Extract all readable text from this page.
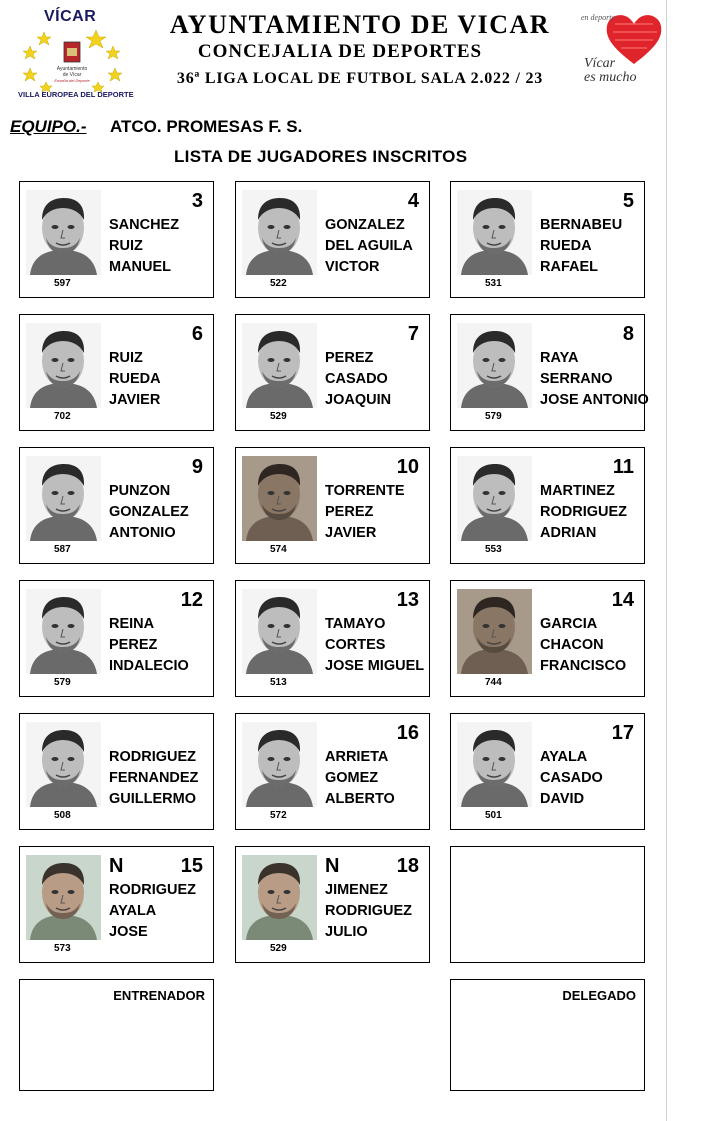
VÍCAR
Ayuntamiento
de Vícar
Enseña del Deporte
VILLA EUROPEA DEL DEPORTE
AYUNTAMIENTO DE VICAR
CONCEJALIA DE DEPORTES
36ª LIGA LOCAL DE FUTBOL SALA 2.022 / 23
en deporte
Vícar
es mucho
EQUIPO.- ATCO. PROMESAS F. S.
LISTA DE JUGADORES INSCRITOS
3
SANCHEZ
RUIZ
MANUEL
597
4
GONZALEZ
DEL AGUILA
VICTOR
522
5
BERNABEU
RUEDA
RAFAEL
531
6
RUIZ
RUEDA
JAVIER
702
7
PEREZ
CASADO
JOAQUIN
529
8
RAYA
SERRANO
JOSE ANTONIO
579
9
PUNZON
GONZALEZ
ANTONIO
587
10
TORRENTE
PEREZ
JAVIER
574
11
MARTINEZ
RODRIGUEZ
ADRIAN
553
12
REINA
PEREZ
INDALECIO
579
13
TAMAYO
CORTES
JOSE MIGUEL
513
14
GARCIA
CHACON
FRANCISCO
744
RODRIGUEZ
FERNANDEZ
GUILLERMO
508
16
ARRIETA
GOMEZ
ALBERTO
572
17
AYALA
CASADO
DAVID
501
N	15
RODRIGUEZ
AYALA
JOSE
573
N	18
JIMENEZ
RODRIGUEZ
JULIO
529
ENTRENADOR	DELEGADO
